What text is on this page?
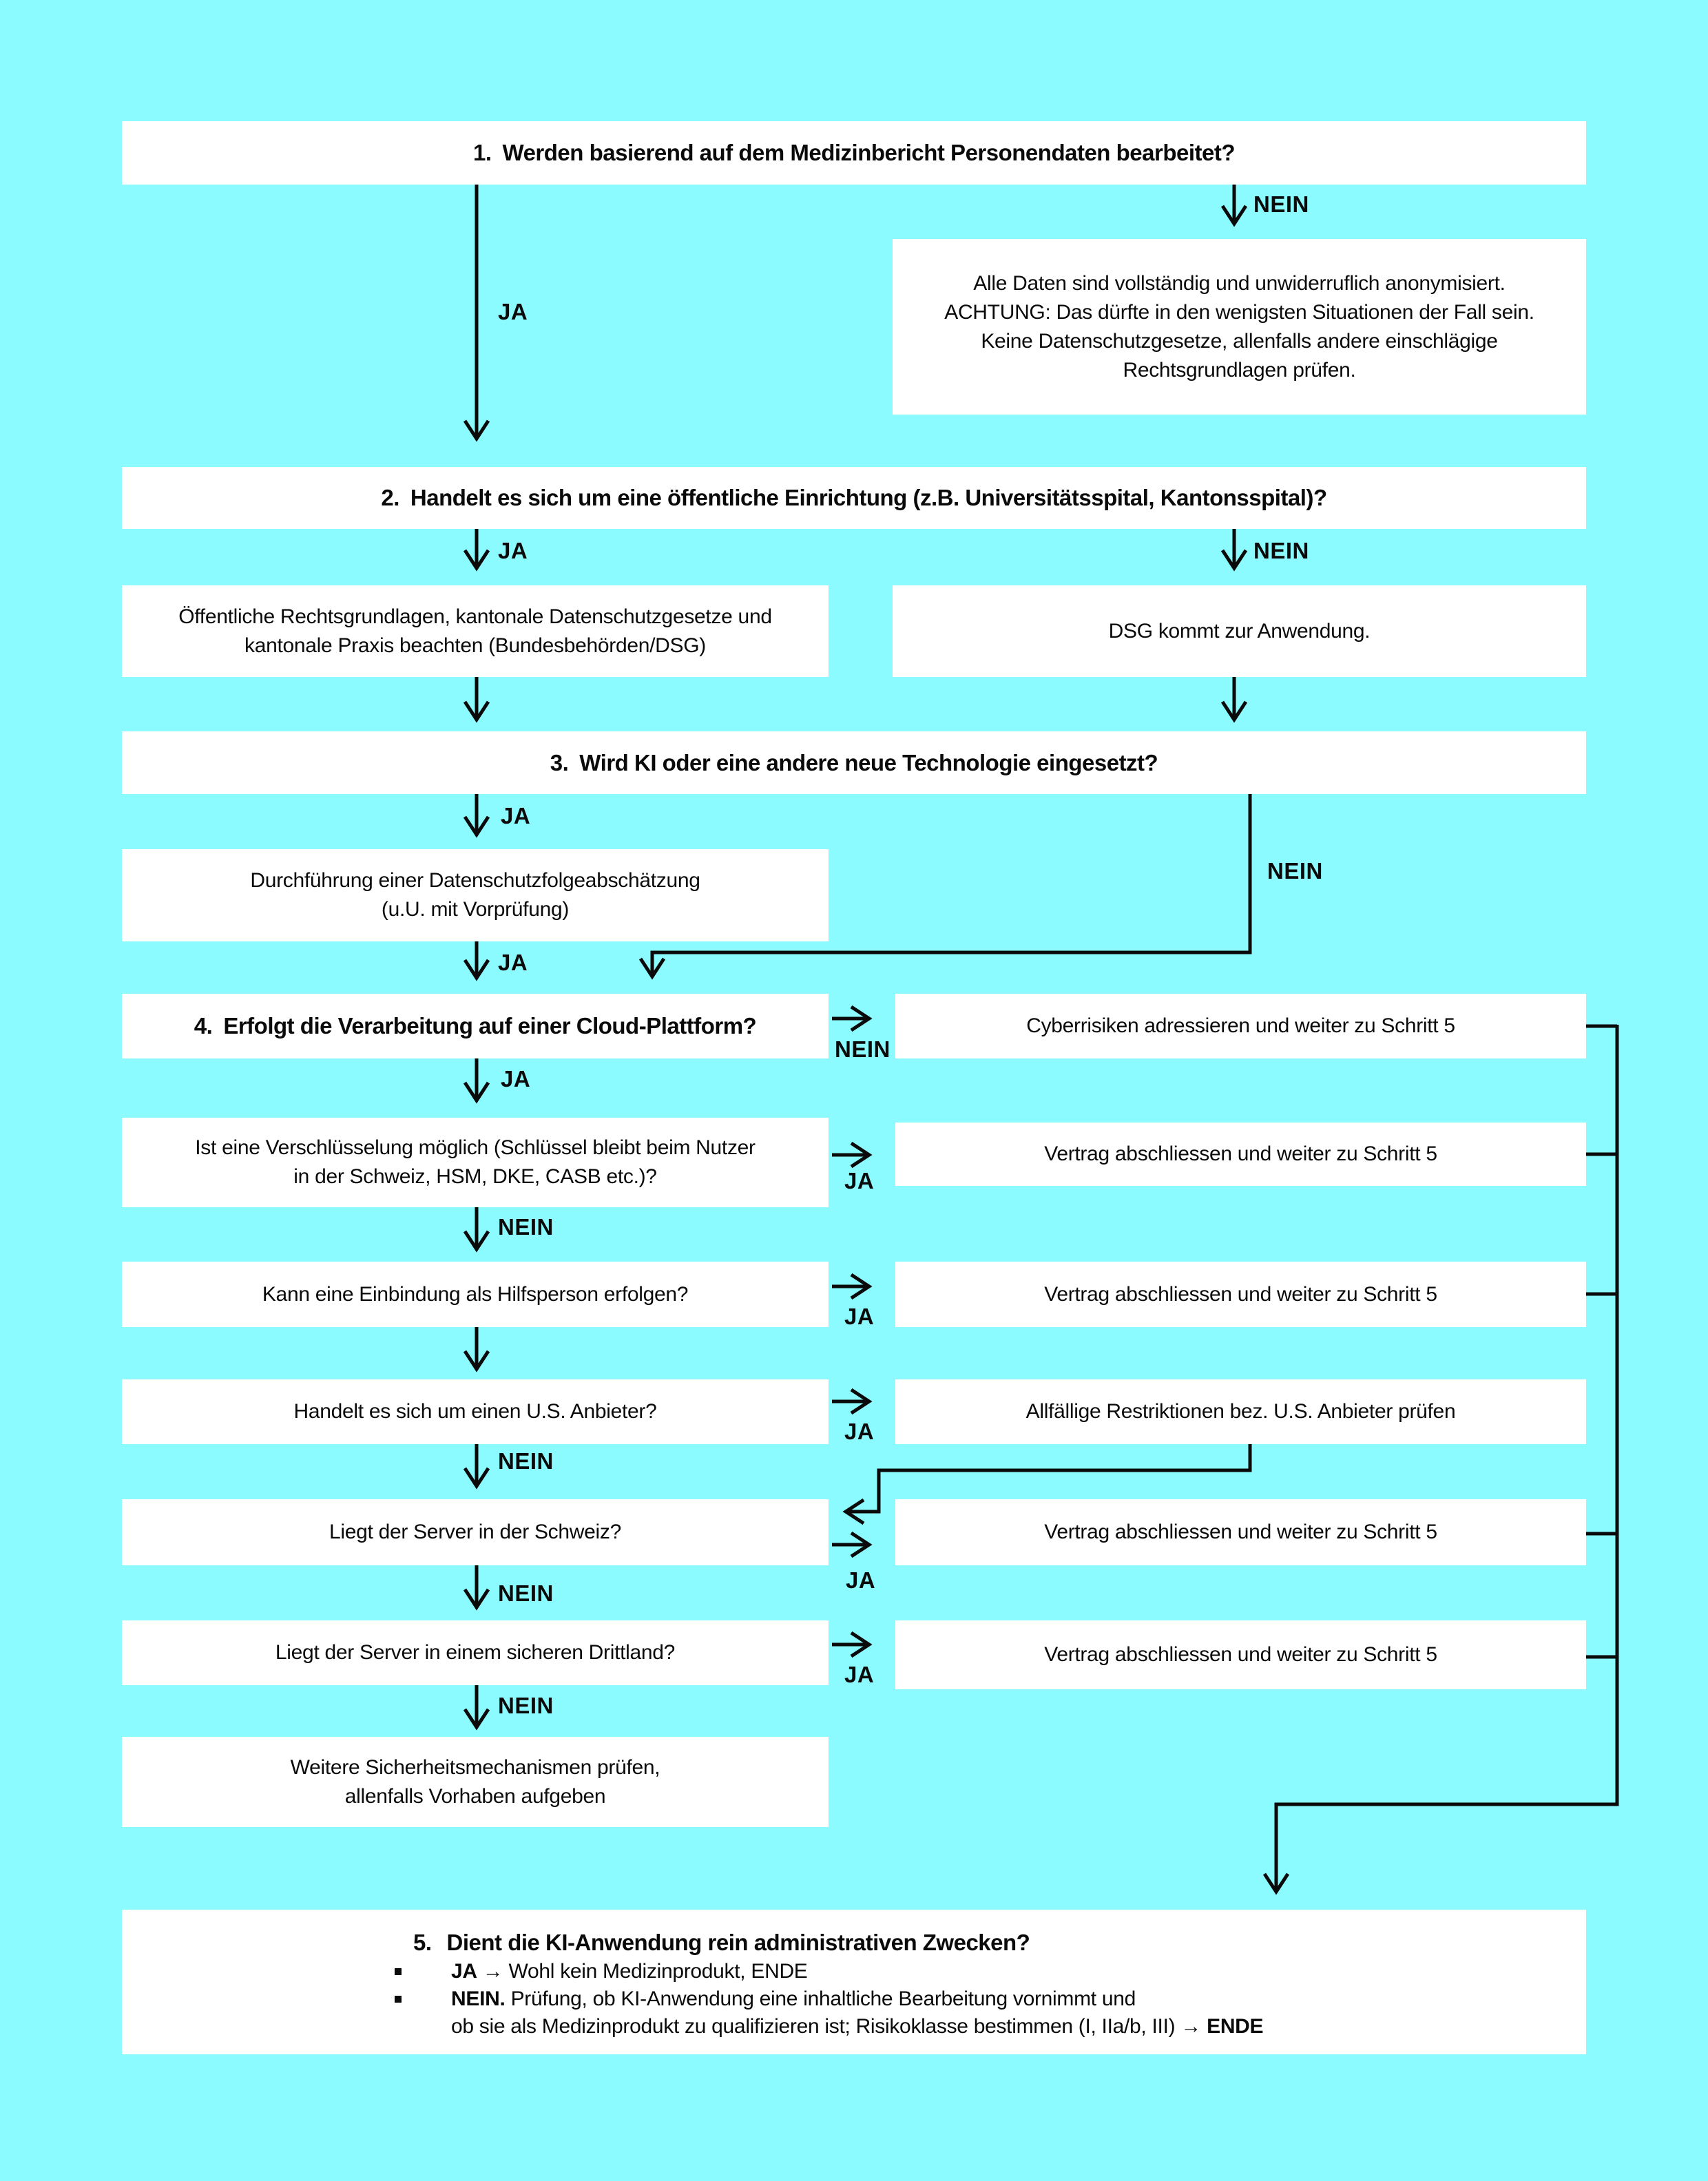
1. Werden basierend auf dem Medizinbericht Personendaten bearbeitet?
Alle Daten sind vollständig und unwiderruflich anonymisiert. ACHTUNG: Das dürfte in den wenigsten Situationen der Fall sein. Keine Datenschutzgesetze, allenfalls andere einschlägige Rechtsgrundlagen prüfen.
2. Handelt es sich um eine öffentliche Einrichtung (z.B. Universitätsspital, Kantonsspital)?
Öffentliche Rechtsgrundlagen, kantonale Datenschutzgesetze und kantonale Praxis beachten (Bundesbehörden/DSG)
DSG kommt zur Anwendung.
3. Wird KI oder eine andere neue Technologie eingesetzt?
Durchführung einer Datenschutzfolgeabschätzung (u.U. mit Vorprüfung)
4. Erfolgt die Verarbeitung auf einer Cloud-Plattform?	Cyberrisiken adressieren und weiter zu Schritt 5
Ist eine Verschlüsselung möglich (Schlüssel bleibt beim Nutzer in der Schweiz, HSM, DKE, CASB etc.)?
Vertrag abschliessen und weiter zu Schritt 5
Kann eine Einbindung als Hilfsperson erfolgen?	Vertrag abschliessen und weiter zu Schritt 5
Handelt es sich um einen U.S. Anbieter?	Allfällige Restriktionen bez. U.S. Anbieter prüfen
Liegt der Server in der Schweiz?	Vertrag abschliessen und weiter zu Schritt 5
Liegt der Server in einem sicheren Drittland?	Vertrag abschliessen und weiter zu Schritt 5
Weitere Sicherheitsmechanismen prüfen, allenfalls Vorhaben aufgeben
5. Dient die KI-Anwendung rein administrativen Zwecken?
JA → Wohl kein Medizinprodukt, ENDE
NEIN. Prüfung, ob KI-Anwendung eine inhaltliche Bearbeitung vornimmt und
ob sie als Medizinprodukt zu qualifizieren ist; Risikoklasse bestimmen (I, IIa/b, III) → ENDE
JA
NEIN
JA	NEIN
JA
NEIN
JA
NEIN
JA
JA
NEIN
JA
JA
NEIN
JA
NEIN
JA
NEIN
